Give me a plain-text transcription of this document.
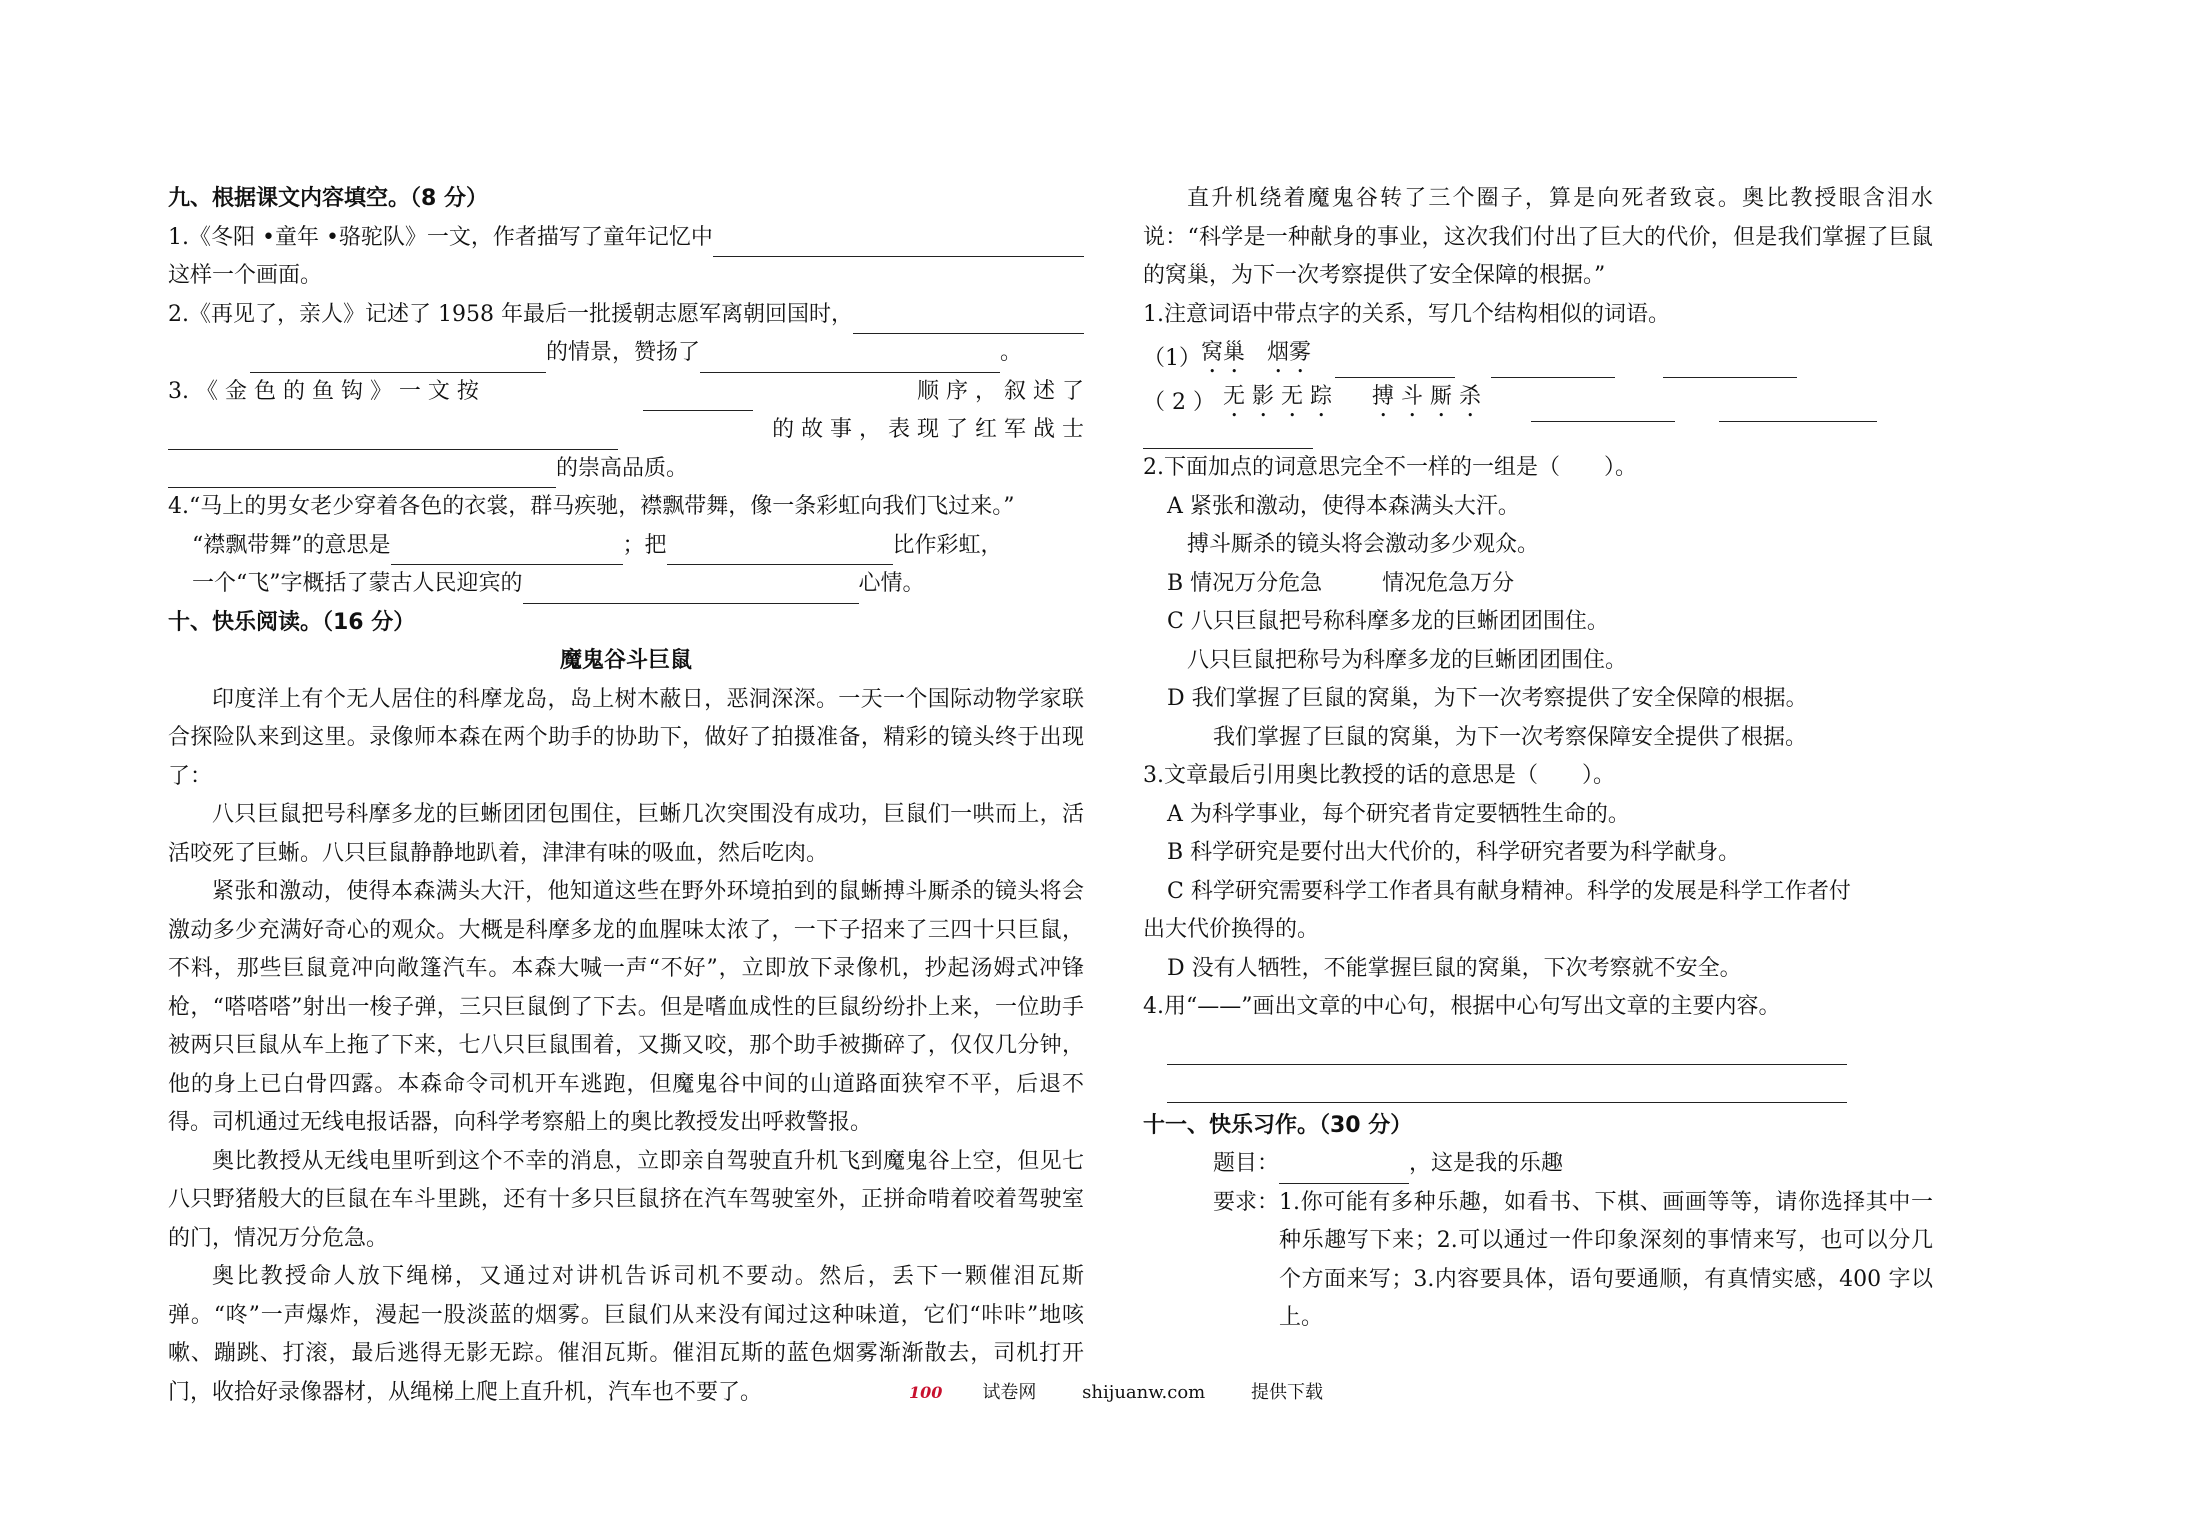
九、根据课文内容填空。（8 分）
1.《冬阳 •童年 •骆驼队》一文，作者描写了童年记忆中
这样一个画面。
2.《再见了，亲人》记述了 1958 年最后一批援朝志愿军离朝回国时，
的情景，赞扬了	。
3. 《 金 色 的 鱼 钩 》 一 文 按	顺 序 ， 叙 述 了
的 故 事 ， 表 现 了 红 军 战 士
的崇高品质。
4.“马上的男女老少穿着各色的衣裳，群马疾驰，襟飘带舞，像一条彩虹向我们飞过来。”
“襟飘带舞”的意思是	；把	比作彩虹，
一个“飞”字概括了蒙古人民迎宾的	心情。
十、快乐阅读。（16 分）
魔鬼谷斗巨鼠
印度洋上有个无人居住的科摩龙岛，岛上树木蔽日，恶洞深深。一天一个国际动物学家联合探险队来到这里。录像师本森在两个助手的协助下，做好了拍摄准备，精彩的镜头终于出现了：
八只巨鼠把号科摩多龙的巨蜥团团包围住，巨蜥几次突围没有成功，巨鼠们一哄而上，活活咬死了巨蜥。八只巨鼠静静地趴着，津津有味的吸血，然后吃肉。
紧张和激动，使得本森满头大汗，他知道这些在野外环境拍到的鼠蜥搏斗厮杀的镜头将会激动多少充满好奇心的观众。大概是科摩多龙的血腥味太浓了，一下子招来了三四十只巨鼠，不料，那些巨鼠竟冲向敞篷汽车。本森大喊一声“不好”，立即放下录像机，抄起汤姆式冲锋枪，“嗒嗒嗒”射出一梭子弹，三只巨鼠倒了下去。但是嗜血成性的巨鼠纷纷扑上来，一位助手被两只巨鼠从车上拖了下来，七八只巨鼠围着，又撕又咬，那个助手被撕碎了，仅仅几分钟，他的身上已白骨四露。本森命令司机开车逃跑，但魔鬼谷中间的山道路面狭窄不平，后退不得。司机通过无线电报话器，向科学考察船上的奥比教授发出呼救警报。
奥比教授从无线电里听到这个不幸的消息，立即亲自驾驶直升机飞到魔鬼谷上空，但见七八只野猪般大的巨鼠在车斗里跳，还有十多只巨鼠挤在汽车驾驶室外，正拼命啃着咬着驾驶室的门，情况万分危急。
奥比教授命人放下绳梯，又通过对讲机告诉司机不要动。然后，丢下一颗催泪瓦斯弹。“咚”一声爆炸，漫起一股淡蓝的烟雾。巨鼠们从来没有闻过这种味道，它们“咔咔”地咳嗽、蹦跳、打滚，最后逃得无影无踪。催泪瓦斯。催泪瓦斯的蓝色烟雾渐渐散去，司机打开门，收拾好录像器材，从绳梯上爬上直升机，汽车也不要了。
直升机绕着魔鬼谷转了三个圈子，算是向死者致哀。奥比教授眼含泪水说：“科学是一种献身的事业，这次我们付出了巨大的代价，但是我们掌握了巨鼠的窝巢，为下一次考察提供了安全保障的根据。”
1.注意词语中带点字的关系，写几个结构相似的词语。
（1） 窝巢 烟雾
（ 2 ） 无 影 无 踪 搏 斗 厮 杀
2.下面加点的词意思完全不一样的一组是（　　）。
A 紧张和激动，使得本森满头大汗。
搏斗厮杀的镜头将会激动多少观众。
B 情况万分危急	情况危急万分
C 八只巨鼠把号称科摩多龙的巨蜥团团围住。
八只巨鼠把称号为科摩多龙的巨蜥团团围住。
D 我们掌握了巨鼠的窝巢，为下一次考察提供了安全保障的根据。
我们掌握了巨鼠的窝巢，为下一次考察保障安全提供了根据。
3.文章最后引用奥比教授的话的意思是（　　）。
A 为科学事业，每个研究者肯定要牺牲生命的。
B 科学研究是要付出大代价的，科学研究者要为科学献身。
C 科学研究需要科学工作者具有献身精神。科学的发展是科学工作者付
出大代价换得的。
D 没有人牺牲，不能掌握巨鼠的窝巢，下次考察就不安全。
4.用“——”画出文章的中心句，根据中心句写出文章的主要内容。
十一、快乐习作。（30 分）
题目：	，这是我的乐趣
要求： 1.你可能有多种乐趣，如看书、下棋、画画等等，请你选择其中一种乐趣写下来；2.可以通过一件印象深刻的事情来写，也可以分几个方面来写；3.内容要具体，语句要通顺，有真情实感，400 字以上。
100 试卷网	shijuanw.com	提供下载
